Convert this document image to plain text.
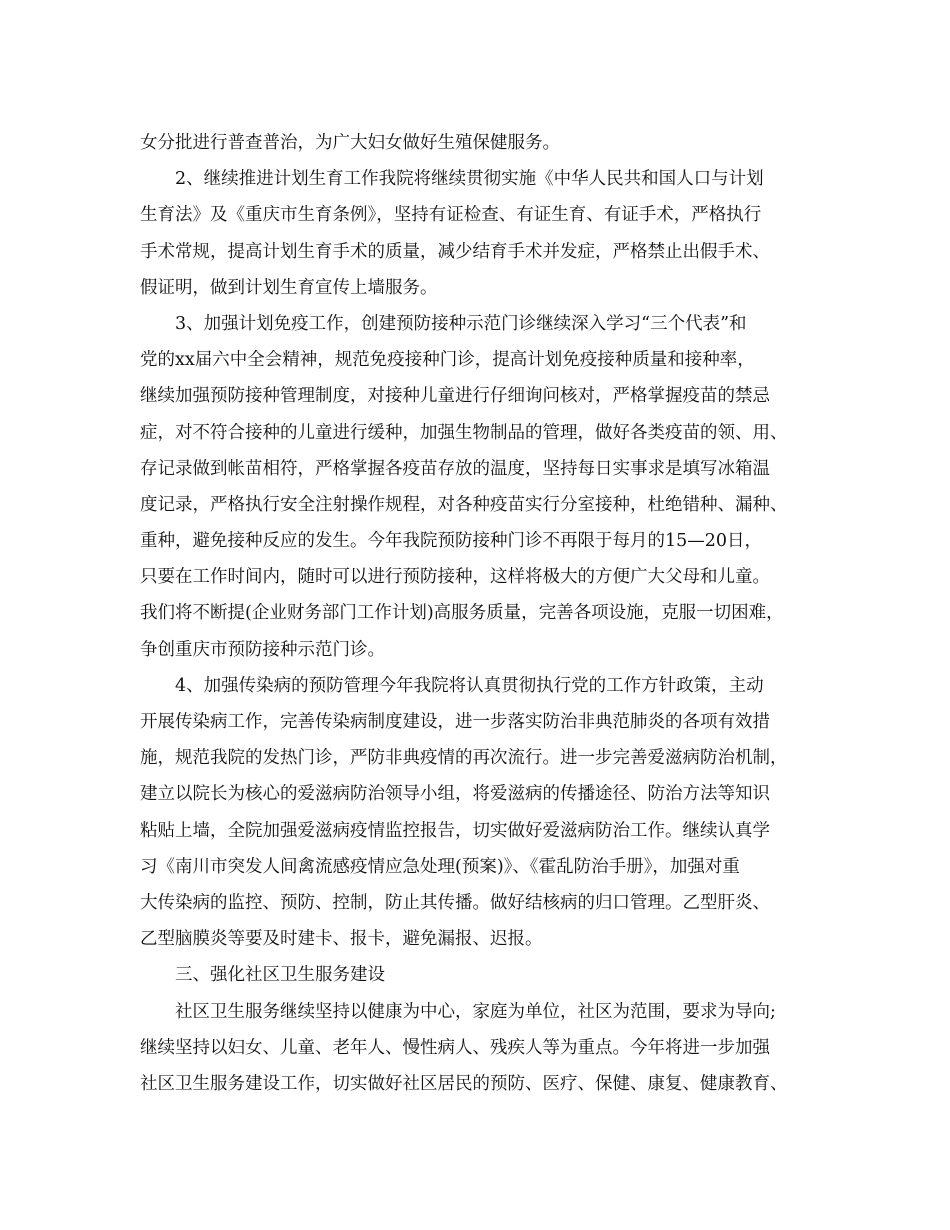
女分批进行普查普治，为广大妇女做好生殖保健服务。
2、继续推进计划生育工作我院将继续贯彻实施《中华人民共和国人口与计划
生育法》及《重庆市生育条例》，坚持有证检查、有证生育、有证手术，严格执行
手术常规，提高计划生育手术的质量，减少结育手术并发症，严格禁止出假手术、
假证明，做到计划生育宣传上墙服务。
3、加强计划免疫工作，创建预防接种示范门诊继续深入学习“三个代表”和
党的xx届六中全会精神，规范免疫接种门诊，提高计划免疫接种质量和接种率，
继续加强预防接种管理制度，对接种儿童进行仔细询问核对，严格掌握疫苗的禁忌
症，对不符合接种的儿童进行缓种，加强生物制品的管理，做好各类疫苗的领、用、
存记录做到帐苗相符，严格掌握各疫苗存放的温度，坚持每日实事求是填写冰箱温
度记录，严格执行安全注射操作规程，对各种疫苗实行分室接种，杜绝错种、漏种、
重种，避免接种反应的发生。今年我院预防接种门诊不再限于每月的15—20日，
只要在工作时间内，随时可以进行预防接种，这样将极大的方便广大父母和儿童。
我们将不断提(企业财务部门工作计划)高服务质量，完善各项设施，克服一切困难，
争创重庆市预防接种示范门诊。
4、加强传染病的预防管理今年我院将认真贯彻执行党的工作方针政策，主动
开展传染病工作，完善传染病制度建设，进一步落实防治非典范肺炎的各项有效措
施，规范我院的发热门诊，严防非典疫情的再次流行。进一步完善爱滋病防治机制，
建立以院长为核心的爱滋病防治领导小组，将爱滋病的传播途径、防治方法等知识
粘贴上墙，全院加强爱滋病疫情监控报告，切实做好爱滋病防治工作。继续认真学
习《南川市突发人间禽流感疫情应急处理(预案)》、《霍乱防治手册》，加强对重
大传染病的监控、预防、控制，防止其传播。做好结核病的归口管理。乙型肝炎、
乙型脑膜炎等要及时建卡、报卡，避免漏报、迟报。
三、强化社区卫生服务建设
社区卫生服务继续坚持以健康为中心，家庭为单位，社区为范围，要求为导向;
继续坚持以妇女、儿童、老年人、慢性病人、残疾人等为重点。今年将进一步加强
社区卫生服务建设工作，切实做好社区居民的预防、医疗、保健、康复、健康教育、
